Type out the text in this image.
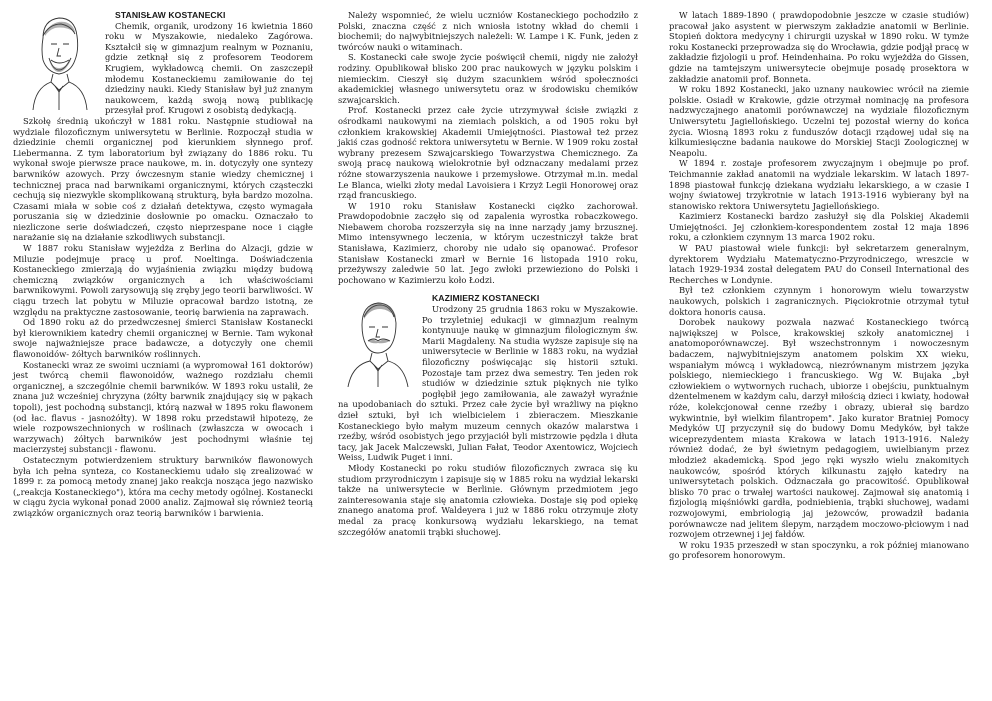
STANISŁAW KOSTANECKI

Chemik, organik, urodzony 16 kwietnia 1860 roku w Myszakowie, niedaleko Zagórowa. Kształcił się w gimnazjum realnym w Poznaniu, gdzie zetknął się z profesorem Teodorem Krugiem, wykładowcą chemii. On zaszczepił młodemu Kostaneckiemu zamiłowanie do tej dziedziny nauki. Kiedy Stanisław był już znanym naukowcem, każdą swoją nową publikację przesyłał prof. Krugowi z osobistą dedykacją.

Szkołę średnią ukończył w 1881 roku. Następnie studiował na wydziale filozoficznym uniwersytetu w Berlinie. Rozpoczął studia w dziedzinie chemii organicznej pod kierunkiem słynnego prof. Liebermanna. Z tym laboratorium był związany do 1886 roku. Tu wykonał swoje pierwsze prace naukowe, m. in. dotyczyły one syntezy barwników azowych. Przy ówczesnym stanie wiedzy chemicznej i technicznej praca nad barwnikami organicznymi, których cząsteczki cechują się niezwykle skomplikowaną strukturą, była bardzo mozolna. Czasami miała w sobie coś z działań detektywa, często wymagała poruszania się w dziedzinie dosłownie po omacku. Oznaczało to niezliczone serie doświadczeń, często nieprzespane noce i ciągłe narażanie się na działanie szkodliwych substancji.

W 1887 roku Stanisław wyjeżdża z Berlina do Alzacji, gdzie w Miluzie podejmuje pracę u prof. Noeltinga. Doświadczenia Kostaneckiego zmierzają do wyjaśnienia związku między budową chemiczną związków organicznych a ich właściwościami barwnikowymi. Powoli zarysowują się zręby jego teorii barwliwości. W ciągu trzech lat pobytu w Miluzie opracował bardzo istotną, ze względu na praktyczne zastosowanie, teorię barwienia na zaprawach.

Od 1890 roku aż do przedwczesnej śmierci Stanisław Kostanecki był kierownikiem katedry chemii organicznej w Bernie. Tam wykonał swoje najważniejsze prace badawcze, a dotyczyły one chemii flawonoidów- żółtych barwników roślinnych.

Kostanecki wraz ze swoimi uczniami (a wypromował 161 doktorów) jest twórcą chemii flawonoidów, ważnego rozdziału chemii organicznej, a szczególnie chemii barwników. W 1893 roku ustalił, że znana już wcześniej chryzyna (żółty barwnik znajdujący się w pąkach topoli), jest pochodną substancji, którą nazwał w 1895 roku flawonem (od łac. flavus - jasnożółty). W 1898 roku przedstawił hipotezę, że wiele rozpowszechnionych w roślinach (zwłaszcza w owocach i warzywach) żółtych barwników jest pochodnymi właśnie tej macierzystej substancji - flawonu.

Ostatecznym potwierdzeniem struktury barwników flawonowych była ich pełna synteza, co Kostaneckiemu udało się zrealizować w 1899 r. za pomocą metody znanej jako reakcja nosząca jego nazwisko („reakcja Kostaneckiego"), która ma cechy metody ogólnej. Kostanecki w ciągu życia wykonał ponad 2000 analiz. Zajmował się również teorią związków organicznych oraz teorią barwników i barwienia.

Należy wspomnieć, że wielu uczniów Kostaneckiego pochodziło z Polski, znaczna część z nich wniosła istotny wkład do chemii i biochemii; do najwybitniejszych należeli: W. Lampe i K. Funk, jeden z twórców nauki o witaminach.

S. Kostanecki całe swoje życie poświęcił chemii, nigdy nie założył rodziny. Opublikował blisko 200 prac naukowych w języku polskim i niemieckim. Cieszył się dużym szacunkiem wśród społeczności akademickiej własnego uniwersytetu oraz w środowisku chemików szwajcarskich.

Prof. Kostanecki przez całe życie utrzymywał ścisłe związki z ośrodkami naukowymi na ziemiach polskich, a od 1905 roku był członkiem krakowskiej Akademii Umiejętności. Piastował też przez jakiś czas godność rektora uniwersytetu w Bernie. W 1909 roku został wybrany prezesem Szwajcarskiego Towarzystwa Chemicznego. Za swoją pracę naukową wielokrotnie był odznaczany medalami przez różne stowarzyszenia naukowe i przemysłowe. Otrzymał m.in. medal Le Blanca, wielki złoty medal Lavoisiera i Krzyż Legii Honorowej oraz rząd francuskiego.

W 1910 roku Stanisław Kostanecki ciężko zachorował. Prawdopodobnie zaczęło się od zapalenia wyrostka robaczkowego. Niebawem choroba rozszerzyła się na inne narządy jamy brzusznej. Mimo intensywnego leczenia, w którym uczestniczył także brat Stanisława, Kazimierz, choroby nie udało się opanować. Profesor Stanisław Kostanecki zmarł w Bernie 16 listopada 1910 roku, przeżywszy zaledwie 50 lat. Jego zwłoki przewieziono do Polski i pochowano w Kazimierzu koło Łodzi.

KAZIMIERZ KOSTANECKI

Urodzony 25 grudnia 1863 roku w Myszakowie. Po trzyletniej edukacji w gimnazjum realnym kontynuuje naukę w gimnazjum filologicznym św. Marii Magdaleny. Na studia wyższe zapisuje się na uniwersytecie w Berlinie w 1883 roku, na wydział filozoficzny poświęcając się historii sztuki. Pozostaje tam przez dwa semestry. Ten jeden rok studiów w dziedzinie sztuk pięknych nie tylko pogłębił jego zamiłowania, ale zaważył wyraźnie na upodobaniach do sztuki. Przez całe życie był wrażliwy na piękno dzieł sztuki, był ich wielbicielem i zbieraczem. Mieszkanie Kostaneckiego było małym muzeum cennych okazów malarstwa i rzeźby, wśród osobistych jego przyjaciół byli mistrzowie pędzla i dłuta tacy, jak Jacek Malczewski, Julian Fałat, Teodor Axentowicz, Wojciech Weiss, Ludwik Puget i inni.

Młody Kostanecki po roku studiów filozoficznych zwraca się ku studiom przyrodniczym i zapisuje się w 1885 roku na wydział lekarski także na uniwersytecie w Berlinie. Głównym przedmiotem jego zainteresowania staje się anatomia człowieka. Dostaje się pod opiekę znanego anatoma prof. Waldeyera i już w 1886 roku otrzymuje złoty medal za pracę konkursową wydziału lekarskiego, na temat szczegółów anatomii trąbki słuchowej.

W latach 1889-1890 ( prawdopodobnie jeszcze w czasie studiów) pracował jako asystent w pierwszym zakładzie anatomii w Berlinie. Stopień doktora medycyny i chirurgii uzyskał w 1890 roku. W tymże roku Kostanecki przeprowadza się do Wrocławia, gdzie podjął pracę w zakładzie fizjologii u prof. Heindenhaina. Po roku wyjeżdża do Gissen, gdzie na tamtejszym uniwersytecie obejmuje posadę prosektora w zakładzie anatomii prof. Bonneta.

W roku 1892 Kostanecki, jako uznany naukowiec wrócił na ziemie polskie. Osiadł w Krakowie, gdzie otrzymał nominację na profesora nadzwyczajnego anatomii porównawczej na wydziale filozoficznym Uniwersytetu Jagiellońskiego. Uczelni tej pozostał wierny do końca życia. Wiosną 1893 roku z funduszów dotacji rządowej udał się na kilkumiesięczne badania naukowe do Morskiej Stacji Zoologicznej w Neapolu.

W 1894 r. zostaje profesorem zwyczajnym i obejmuje po prof. Teichmannie zakład anatomii na wydziale lekarskim. W latach 1897-1898 piastował funkcję dziekana wydziału lekarskiego, a w czasie I wojny światowej trzykrotnie w latach 1913-1916 wybierany był na stanowisko rektora Uniwersytetu Jagiellońskiego.

Kazimierz Kostanecki bardzo zasłużył się dla Polskiej Akademii Umiejętności. Jej członkiem-korespondentem został 12 maja 1896 roku, a członkiem czynnym 13 marca 1902 roku.

W PAU piastował wiele funkcji: był sekretarzem generalnym, dyrektorem Wydziału Matematyczno-Przyrodniczego, wreszcie w latach 1929-1934 został delegatem PAU do Conseil International des Recherches w Londynie.

Był też członkiem czynnym i honorowym wielu towarzystw naukowych, polskich i zagranicznych. Pięciokrotnie otrzymał tytuł doktora honoris causa.

Dorobek naukowy pozwala nazwać Kostaneckiego twórcą największej w Polsce, krakowskiej szkoły anatomicznej i anatomoporównawczej. Był wszechstronnym i nowoczesnym badaczem, najwybitniejszym anatomem polskim XX wieku, wspaniałym mówcą i wykładowcą, niezrównanym mistrzem języka polskiego, niemieckiego i francuskiego. Wg W. Bujaka „był człowiekiem o wytwornych ruchach, ubiorze i obejściu, punktualnym dżentelmenem w każdym calu, darzył miłością dzieci i kwiaty, hodował róże, kolekcjonował cenne rzeźby i obrazy, ubierał się bardzo wykwintnie, był wielkim filantropem". Jako kurator Bratniej Pomocy Medyków UJ przyczynił się do budowy Domu Medyków, był także wiceprezydentem miasta Krakowa w latach 1913-1916. Należy również dodać, że był świetnym pedagogiem, uwielbianym przez młodzież akademicką. Spod jego ręki wyszło wielu znakomitych naukowców, spośród których kilkunastu zajęło katedry na uniwersytetach polskich. Odznaczała go pracowitość. Opublikował blisko 70 prac o trwałej wartości naukowej. Zajmował się anatomią i fizjologią mięśniówki gardła, podniebienia, trąbki słuchowej, wadami rozwojowymi, embriologią jaj jeżowców, prowadził badania porównawcze nad jelitem ślepym, narządem moczowo-płciowym i nad rozwojem otrzewnej i jej fałdów.

W roku 1935 przeszedł w stan spoczynku, a rok później mianowano go profesorem honorowym.
